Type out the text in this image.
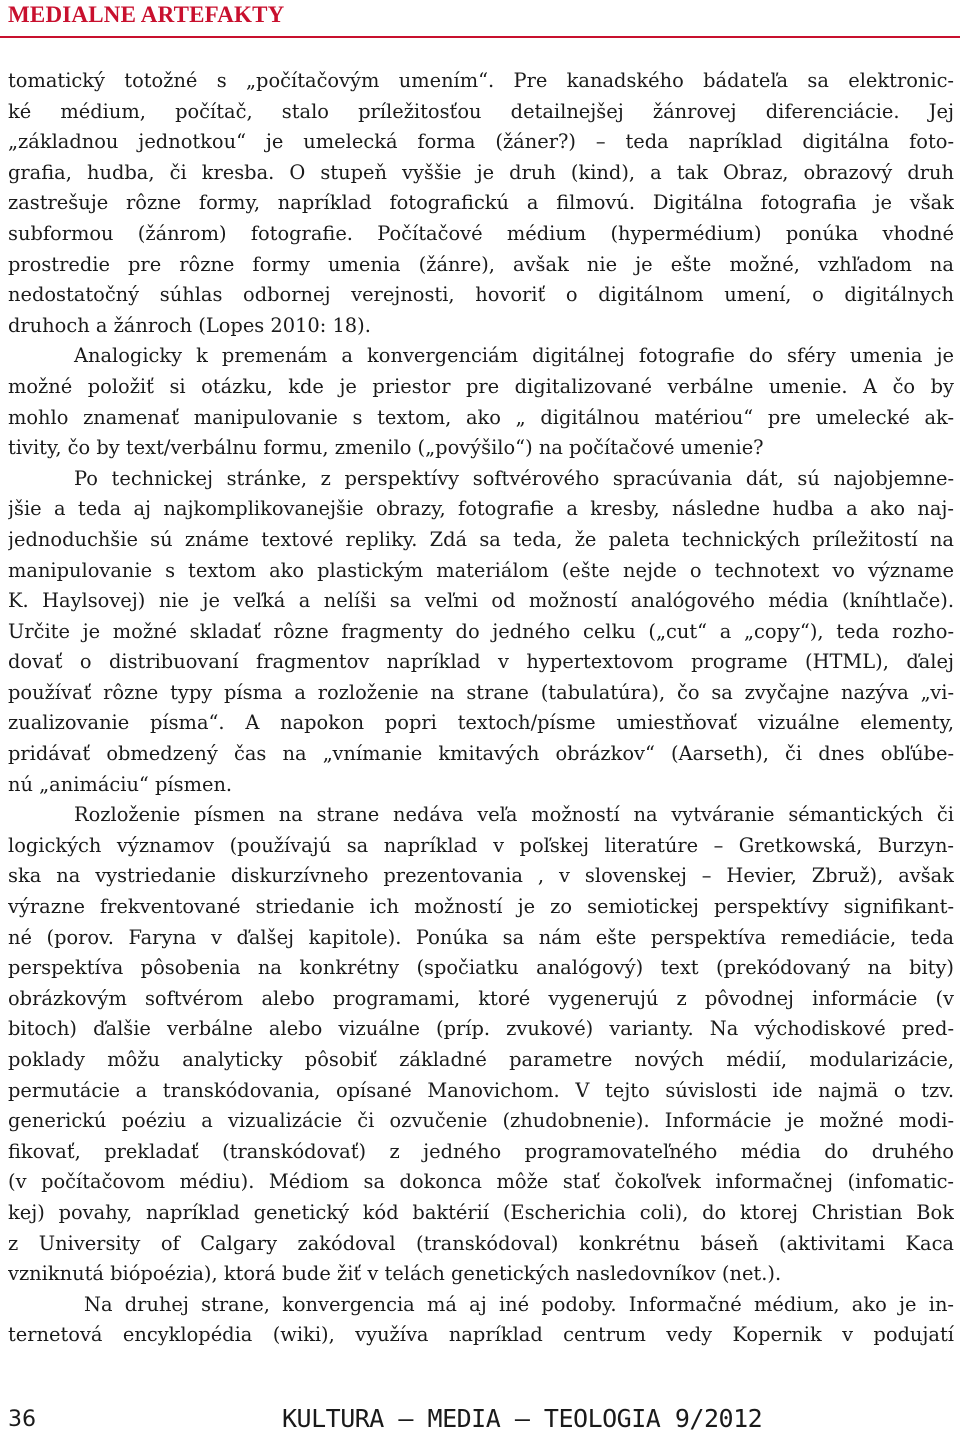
MEDIALNE ARTEFAKTY

tomatický totožné s „počítačovým umením“. Pre kanadského bádateľa sa elektronic-

ké médium, počítač, stalo príležitosťou detailnejšej žánrovej diferenciácie. Jej

„základnou jednotkou“ je umelecká forma (žáner?) – teda napríklad digitálna foto-

grafia, hudba, či kresba. O stupeň vyššie je druh (kind), a tak Obraz, obrazový druh

zastrešuje rôzne formy, napríklad fotografickú a filmovú. Digitálna fotografia je však

subformou (žánrom) fotografie. Počítačové médium (hypermédium) ponúka vhodné

prostredie pre rôzne formy umenia (žánre), avšak nie je ešte možné, vzhľadom na

nedostatočný súhlas odbornej verejnosti, hovoriť o digitálnom umení, o digitálnych

druhoch a žánroch (Lopes 2010: 18).

Analogicky k premenám a konvergenciám digitálnej fotografie do sféry umenia je

možné položiť si otázku, kde je priestor pre digitalizované verbálne umenie. A čo by

mohlo znamenať manipulovanie s textom, ako „ digitálnou matériou“ pre umelecké ak-

tivity, čo by text/verbálnu formu, zmenilo („povýšilo“) na počítačové umenie?

Po technickej stránke, z perspektívy softvérového spracúvania dát, sú najobjemne-

jšie a teda aj najkomplikovanejšie obrazy, fotografie a kresby, následne hudba a ako naj-

jednoduchšie sú známe textové repliky. Zdá sa teda, že paleta technických príležitostí na

manipulovanie s textom ako plastickým materiálom (ešte nejde o technotext vo význame

K. Haylsovej) nie je veľká a nelíši sa veľmi od možností analógového média (kníhtlače).

Určite je možné skladať rôzne fragmenty do jedného celku („cut“ a „copy“), teda rozho-

dovať o distribuovaní fragmentov napríklad v hypertextovom programe (HTML), ďalej

používať rôzne typy písma a rozloženie na strane (tabulatúra), čo sa zvyčajne nazýva „vi-

zualizovanie písma“. A napokon popri textoch/písme umiestňovať vizuálne elementy,

pridávať obmedzený čas na „vnímanie kmitavých obrázkov“ (Aarseth), či dnes obľúbe-

nú „animáciu“ písmen.

Rozloženie písmen na strane nedáva veľa možností na vytváranie sémantických či

logických významov (používajú sa napríklad v poľskej literatúre – Gretkowská, Burzyn-

ska na vystriedanie diskurzívneho prezentovania , v slovenskej – Hevier, Zbruž), avšak

výrazne frekventované striedanie ich možností je zo semiotickej perspektívy signifikant-

né (porov. Faryna v ďalšej kapitole). Ponúka sa nám ešte perspektíva remediácie, teda

perspektíva pôsobenia na konkrétny (spočiatku analógový) text (prekódovaný na bity)

obrázkovým softvérom alebo programami, ktoré vygenerujú z pôvodnej informácie (v

bitoch) ďalšie verbálne alebo vizuálne (príp. zvukové) varianty. Na východiskové pred-

poklady môžu analyticky pôsobiť základné parametre nových médií, modularizácie,

permutácie a transkódovania, opísané Manovichom. V tejto súvislosti ide najmä o tzv.

generickú poéziu a vizualizácie či ozvučenie (zhudobnenie). Informácie je možné modi-

fikovať, prekladať (transkódovať) z jedného programovateľného média do druhého

(v počítačovom médiu). Médiom sa dokonca môže stať čokoľvek informačnej (infomatic-

kej) povahy, napríklad genetický kód baktérií (Escherichia coli), do ktorej Christian Bok

z University of Calgary zakódoval (transkódoval) konkrétnu báseň (aktivitami Kaca

vzniknutá biópoézia), ktorá bude žiť v telách genetických nasledovníkov (net.).

Na druhej strane, konvergencia má aj iné podoby. Informačné médium, ako je in-

ternetová encyklopédia (wiki), využíva napríklad centrum vedy Kopernik v podujatí

36	KULTURA – MEDIA – TEOLOGIA 9/2012
